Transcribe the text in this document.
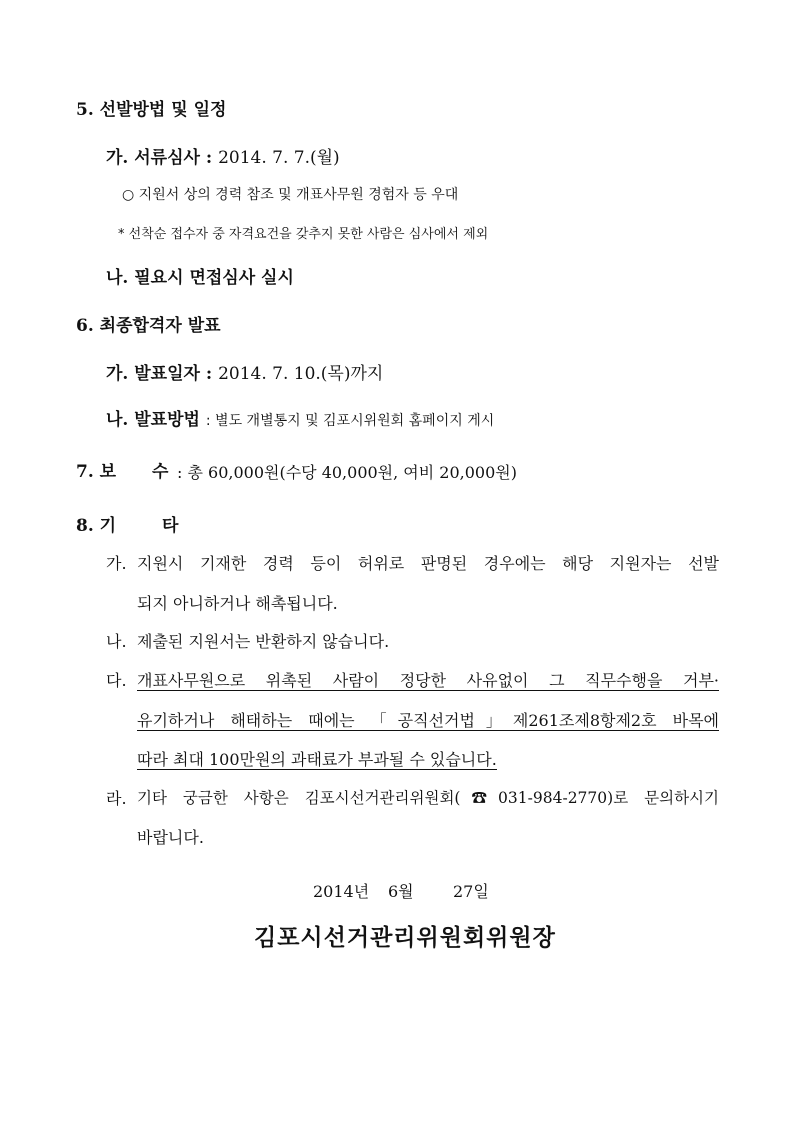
5. 선발방법 및 일정
가. 서류심사 : 2014. 7. 7.(월)
○ 지원서 상의 경력 참조 및 개표사무원 경험자 등 우대
* 선착순 접수자 중 자격요건을 갖추지 못한 사람은 심사에서 제외
나. 필요시 면접심사 실시
6. 최종합격자 발표
가. 발표일자 : 2014. 7. 10.(목)까지
나. 발표방법 : 별도 개별통지 및 김포시위원회 홈페이지 게시
7. 보 수 : 총 60,000원(수당 40,000원, 여비 20,000원)
8. 기	타
가. 지원시 기재한 경력 등이 허위로 판명된 경우에는 해당 지원자는 선발
되지 아니하거나 해촉됩니다.
나. 제출된 지원서는 반환하지 않습니다.
다. 개표사무원으로 위촉된 사람이 정당한 사유없이 그 직무수행을 거부·
유기하거나 해태하는 때에는 「공직선거법」제261조제8항제2호 바목에
따라 최대 100만원의 과태료가 부과될 수 있습니다.
라. 기타 궁금한 사항은 김포시선거관리위원회(☎031-984-2770)로 문의하시기
바랍니다.
2014년 6월 27일
김포시선거관리위원회위원장
